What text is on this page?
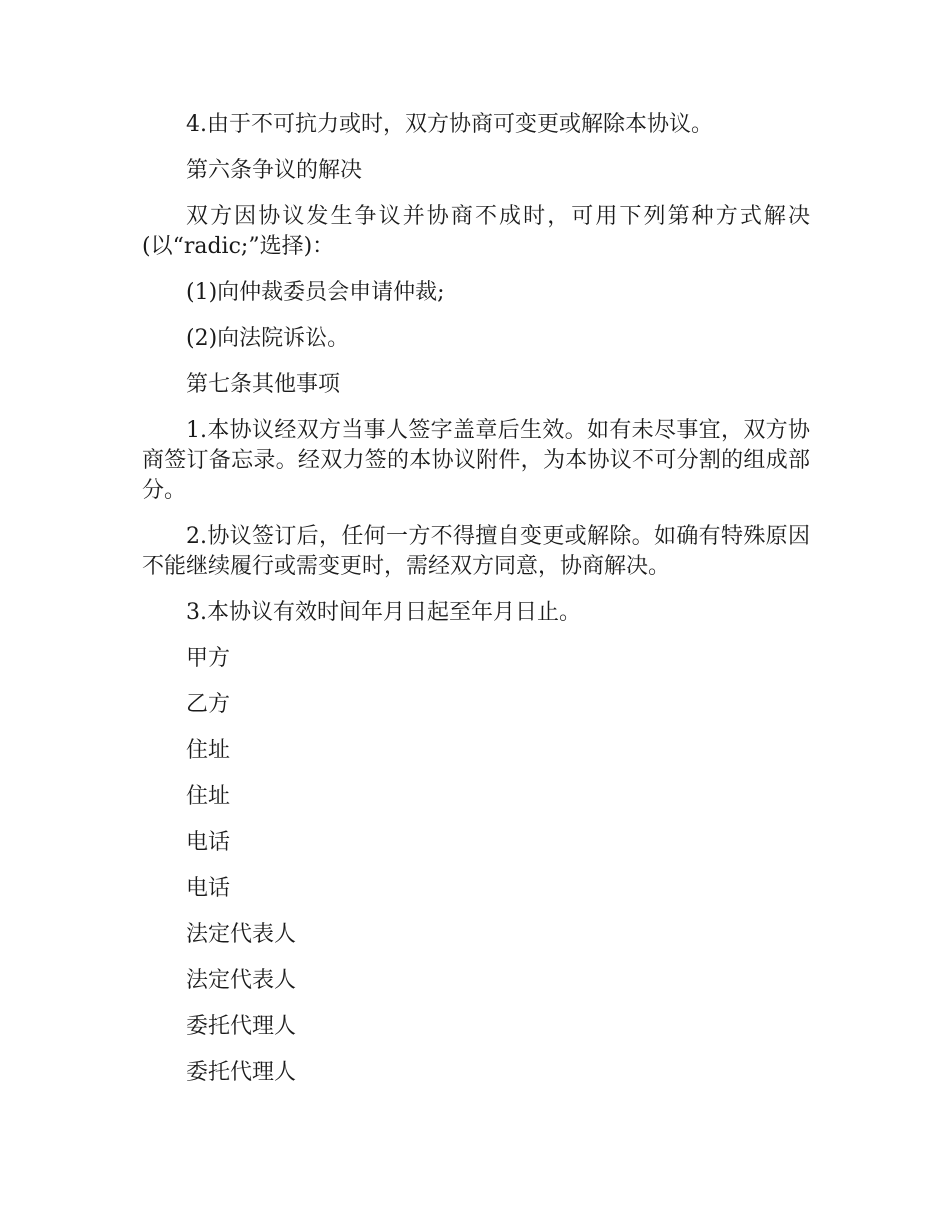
4.由于不可抗力或时，双方协商可变更或解除本协议。

第六条争议的解决

双方因协议发生争议并协商不成时，可用下列第种方式解决(以“radic;”选择)：

(1)向仲裁委员会申请仲裁;

(2)向法院诉讼。

第七条其他事项

1.本协议经双方当事人签字盖章后生效。如有未尽事宜，双方协商签订备忘录。经双力签的本协议附件，为本协议不可分割的组成部分。

2.协议签订后，任何一方不得擅自变更或解除。如确有特殊原因不能继续履行或需变更时，需经双方同意，协商解决。

3.本协议有效时间年月日起至年月日止。

甲方

乙方

住址

住址

电话

电话

法定代表人

法定代表人

委托代理人

委托代理人
